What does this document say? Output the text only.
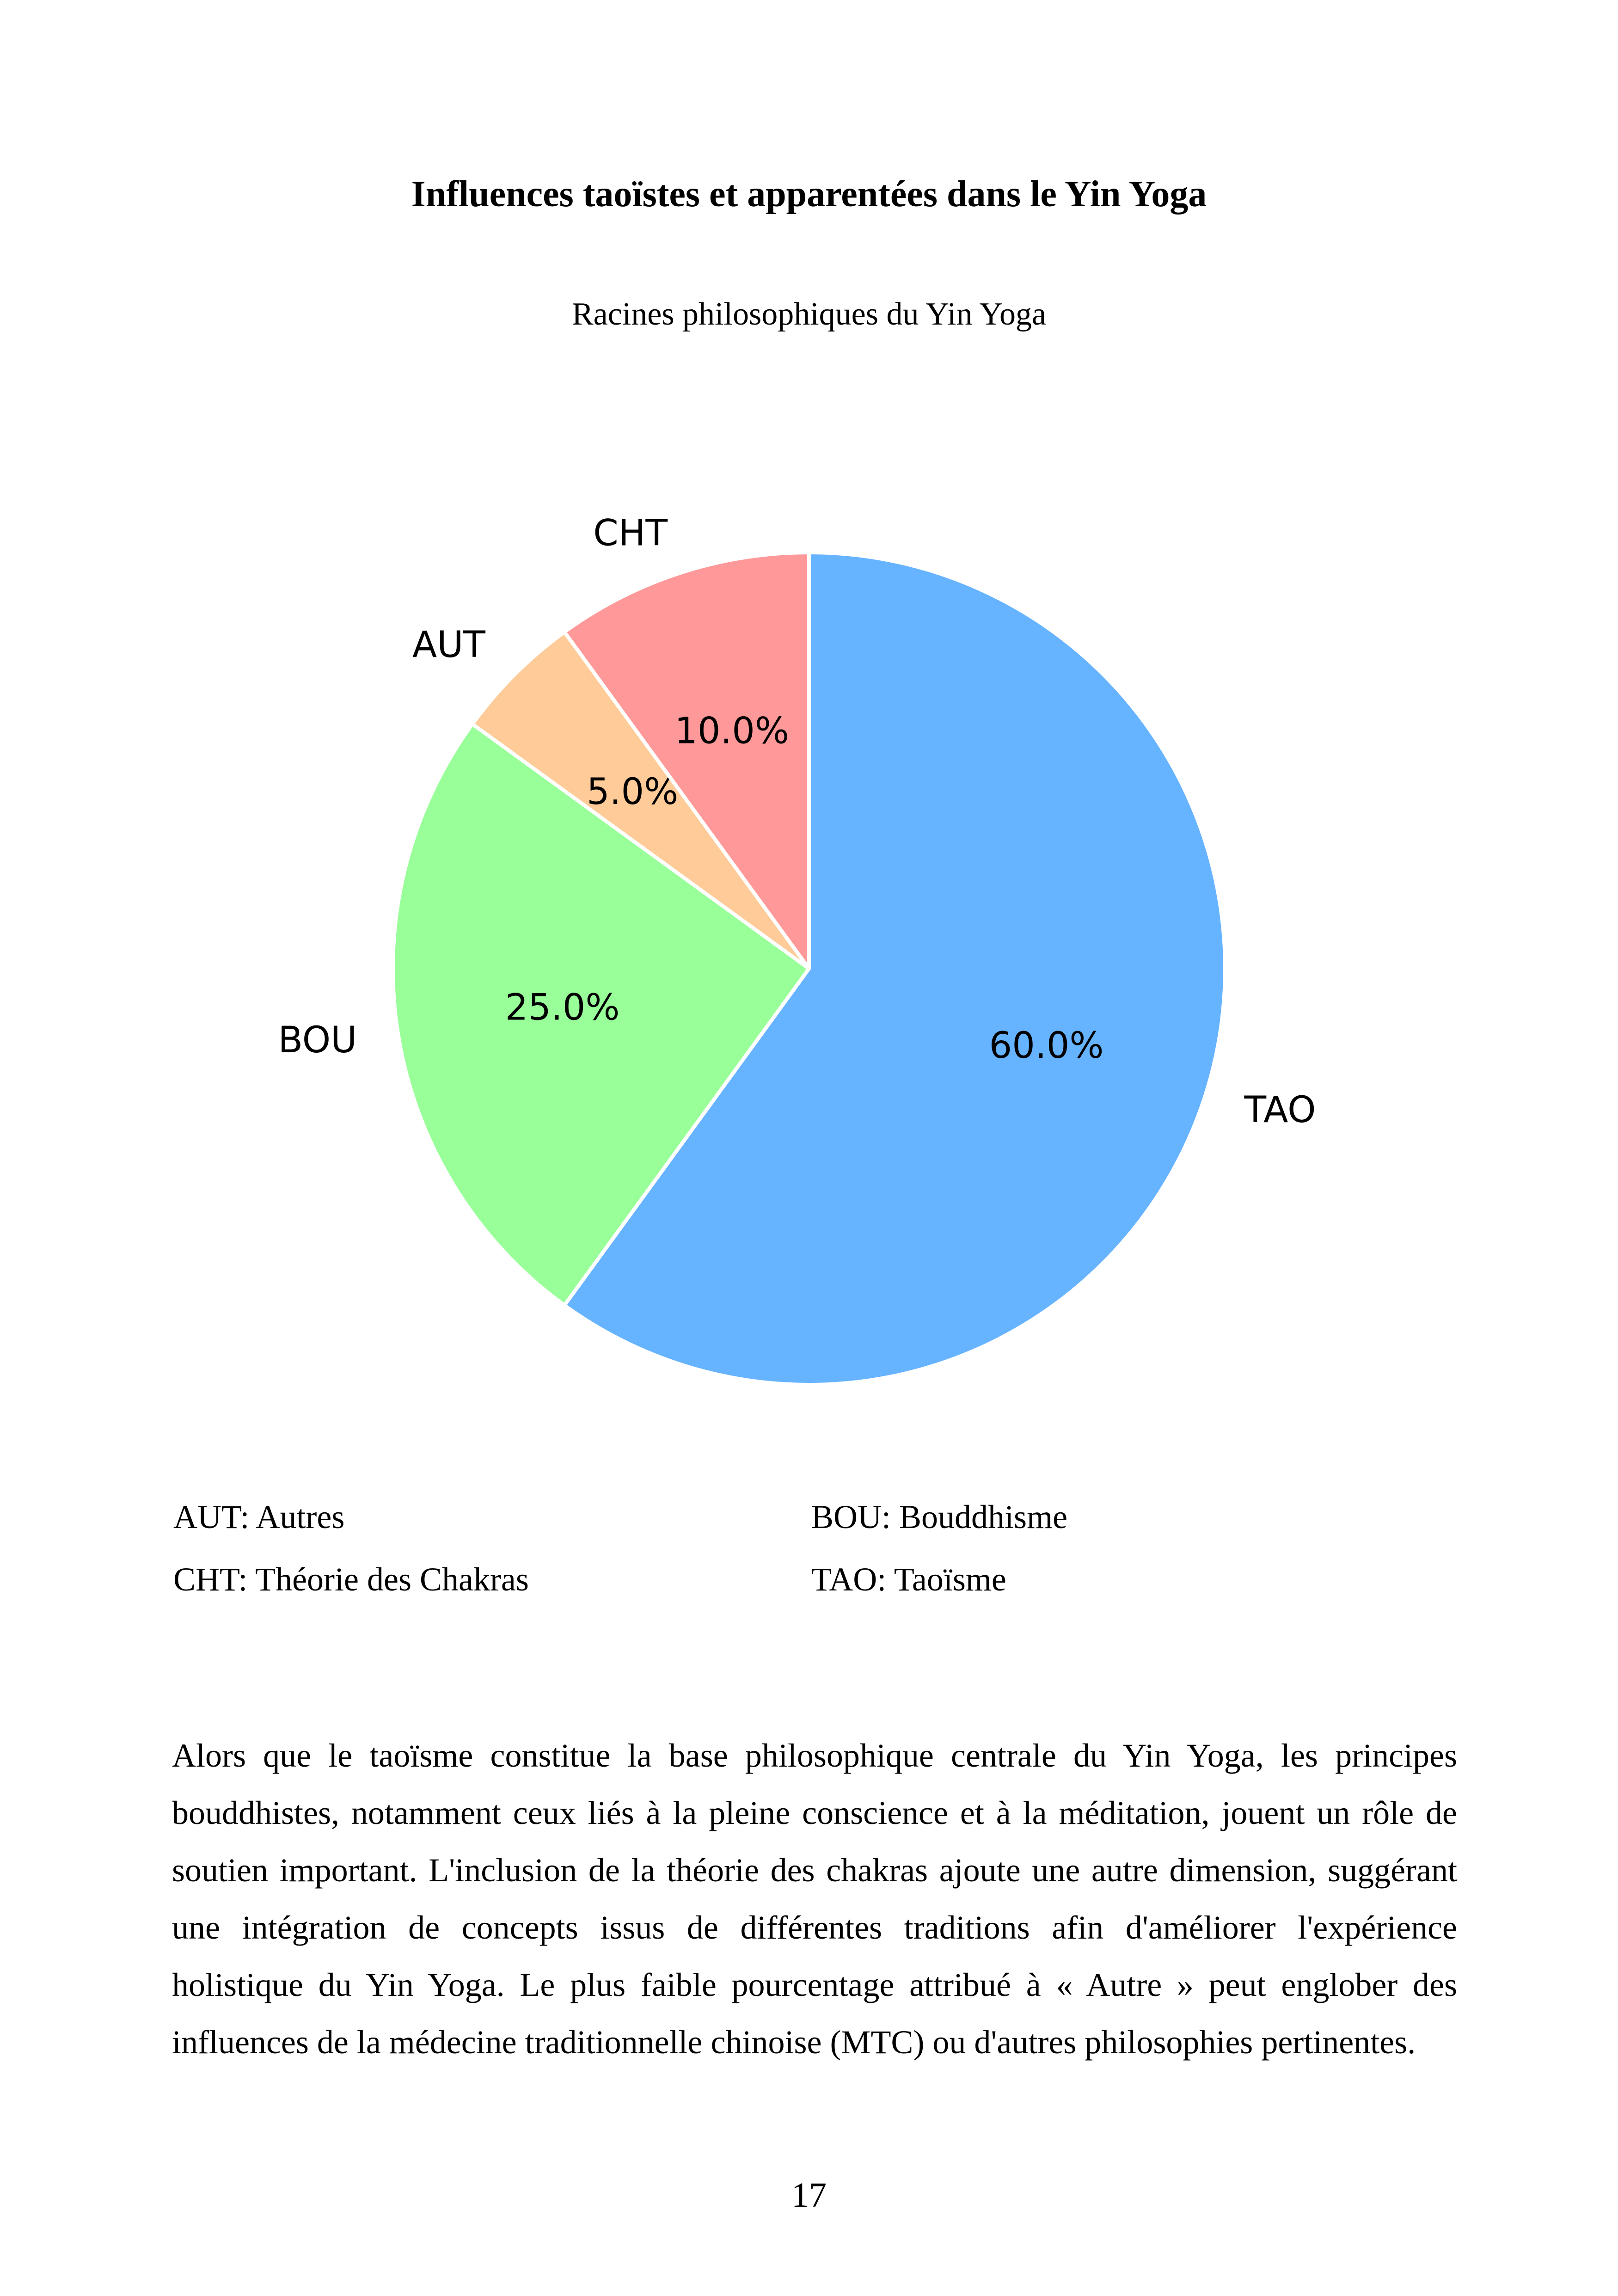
Influences taoïstes et apparentées dans le Yin Yoga
Racines philosophiques du Yin Yoga
60.0%
TAO
25.0%
BOU
5.0%
AUT
10.0%
CHT
AUT: Autres	BOU: Bouddhisme
CHT: Théorie des Chakras	TAO: Taoïsme
Alors que le taoïsme constitue la base philosophique centrale du Yin Yoga, les principes bouddhistes, notamment ceux liés à la pleine conscience et à la méditation, jouent un rôle de soutien important. L'inclusion de la théorie des chakras ajoute une autre dimension, suggérant une intégration de concepts issus de différentes traditions afin d'améliorer l'expérience holistique du Yin Yoga. Le plus faible pourcentage attribué à « Autre » peut englober des influences de la médecine traditionnelle chinoise (MTC) ou d'autres philosophies pertinentes.
17
